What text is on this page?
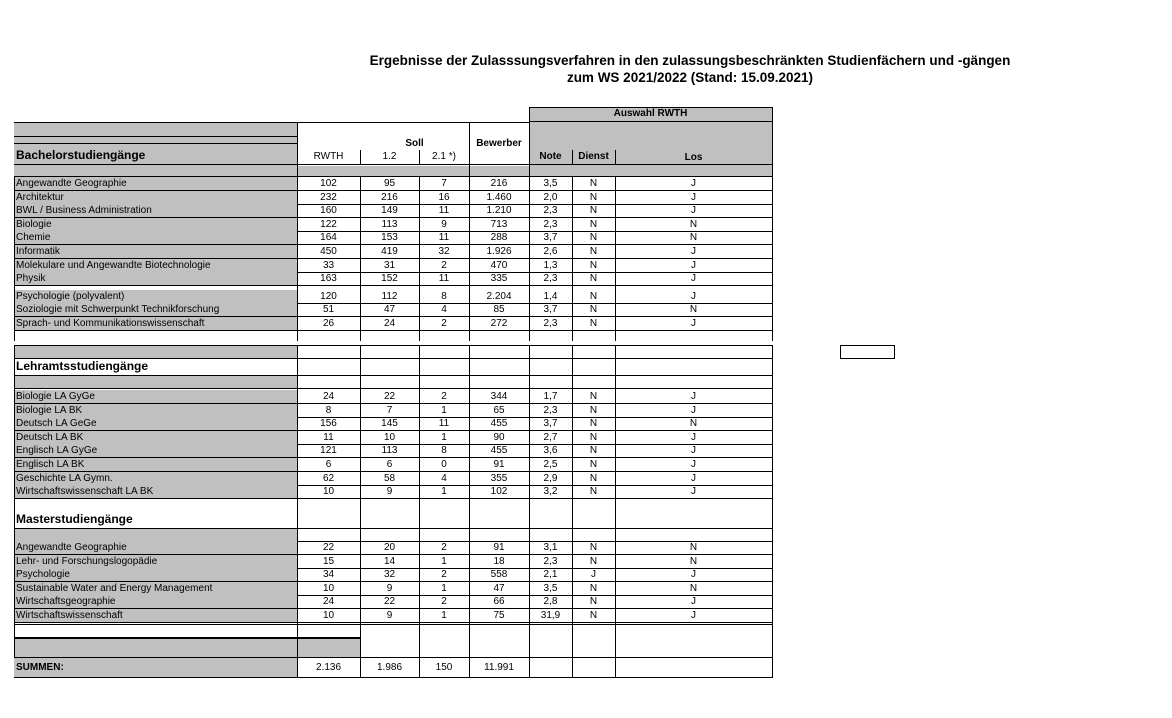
Ergebnisse der Zulasssungsverfahren in den zulassungsbeschränkten Studienfächern und -gängen
zum WS 2021/2022 (Stand: 15.09.2021)
Auswahl RWTH
Soll	Bewerber
RWTH	1.2	2.1 *)	Note	Dienst	Los
Bachelorstudiengänge
Angewandte Geographie	102	95	7	216	3,5	N	J
Architektur	232	216	16	1.460	2,0	N	J
BWL / Business Administration	160	149	11	1.210	2,3	N	J
Biologie	122	113	9	713	2,3	N	N
Chemie	164	153	11	288	3,7	N	N
Informatik	450	419	32	1.926	2,6	N	J
Molekulare und Angewandte Biotechnologie	33	31	2	470	1,3	N	J
Physik	163	152	11	335	2,3	N	J
Psychologie (polyvalent)	120	112	8	2.204	1,4	N	J
Soziologie mit Schwerpunkt Technikforschung	51	47	4	85	3,7	N	N
Sprach- und Kommunikationswissenschaft	26	24	2	272	2,3	N	J
Lehramtsstudiengänge
Biologie LA GyGe	24	22	2	344	1,7	N	J
Biologie LA BK	8	7	1	65	2,3	N	J
Deutsch LA GeGe	156	145	11	455	3,7	N	N
Deutsch LA BK	11	10	1	90	2,7	N	J
Englisch LA GyGe	121	113	8	455	3,6	N	J
Englisch LA BK	6	6	0	91	2,5	N	J
Geschichte LA Gymn.	62	58	4	355	2,9	N	J
Wirtschaftswissenschaft LA BK	10	9	1	102	3,2	N	J
Masterstudiengänge
Angewandte Geographie	22	20	2	91	3,1	N	N
Lehr- und Forschungslogopädie	15	14	1	18	2,3	N	N
Psychologie	34	32	2	558	2,1	J	J
Sustainable Water and Energy Management	10	9	1	47	3,5	N	N
Wirtschaftsgeographie	24	22	2	66	2,8	N	J
Wirtschaftswissenschaft	10	9	1	75	31,9	N	J
SUMMEN:	2.136	1.986	150	11.991
